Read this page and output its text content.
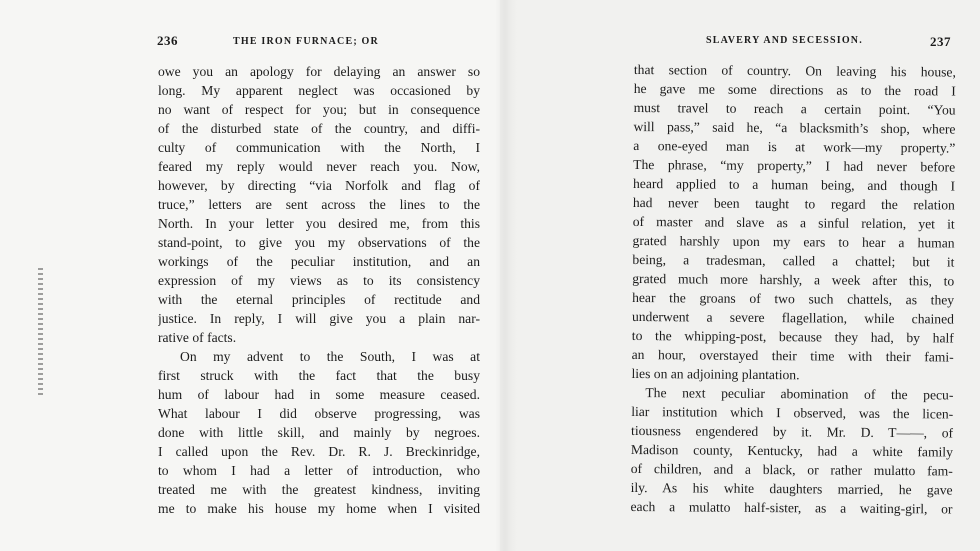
236	THE IRON FURNACE; OR
owe you an apology for delaying an answer so
long. My apparent neglect was occasioned by
no want of respect for you; but in consequence
of the disturbed state of the country, and diffi-
culty of communication with the North, I
feared my reply would never reach you. Now,
however, by directing “via Norfolk and flag of
truce,” letters are sent across the lines to the
North. In your letter you desired me, from this
stand-point, to give you my observations of the
workings of the peculiar institution, and an
expression of my views as to its consistency
with the eternal principles of rectitude and
justice. In reply, I will give you a plain nar-
rative of facts.
On my advent to the South, I was at
first struck with the fact that the busy
hum of labour had in some measure ceased.
What labour I did observe progressing, was
done with little skill, and mainly by negroes.
I called upon the Rev. Dr. R. J. Breckinridge,
to whom I had a letter of introduction, who
treated me with the greatest kindness, inviting
me to make his house my home when I visited
SLAVERY AND SECESSION.	237
that section of country. On leaving his house,
he gave me some directions as to the road I
must travel to reach a certain point. “You
will pass,” said he, “a blacksmith’s shop, where
a one-eyed man is at work—my property.”
The phrase, “my property,” I had never before
heard applied to a human being, and though I
had never been taught to regard the relation
of master and slave as a sinful relation, yet it
grated harshly upon my ears to hear a human
being, a tradesman, called a chattel; but it
grated much more harshly, a week after this, to
hear the groans of two such chattels, as they
underwent a severe flagellation, while chained
to the whipping-post, because they had, by half
an hour, overstayed their time with their fami-
lies on an adjoining plantation.
The next peculiar abomination of the pecu-
liar institution which I observed, was the licen-
tiousness engendered by it. Mr. D. T——, of
Madison county, Kentucky, had a white family
of children, and a black, or rather mulatto fam-
ily. As his white daughters married, he gave
each a mulatto half-sister, as a waiting-girl, or
